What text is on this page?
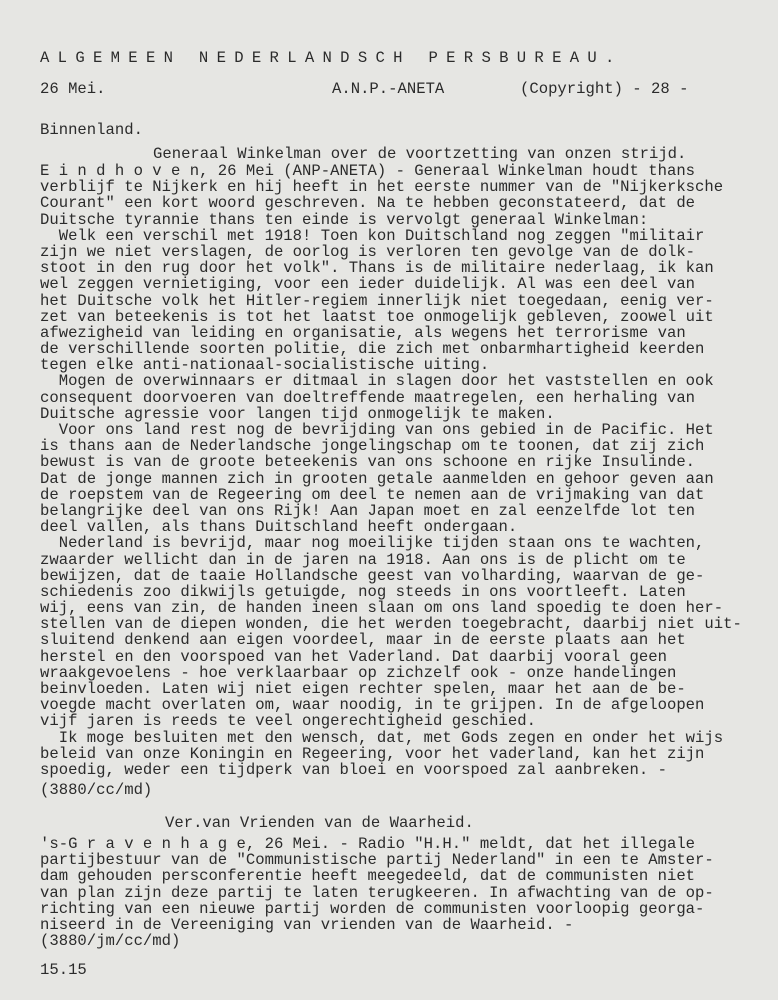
ALGEMEEN NEDERLANDSCH PERSBUREAU.
26 Mei.	A.N.P.-ANETA	(Copyright) - 28 -
Binnenland.
Generaal Winkelman over de voortzetting van onzen strijd.
E i n d h o v e n, 26 Mei (ANP-ANETA) - Generaal Winkelman houdt thans
verblijf te Nijkerk en hij heeft in het eerste nummer van de "Nijkerksche
Courant" een kort woord geschreven. Na te hebben geconstateerd, dat de
Duitsche tyrannie thans ten einde is vervolgt generaal Winkelman:
Welk een verschil met 1918! Toen kon Duitschland nog zeggen "militair
zijn we niet verslagen, de oorlog is verloren ten gevolge van de dolk-
stoot in den rug door het volk". Thans is de militaire nederlaag, ik kan
wel zeggen vernietiging, voor een ieder duidelijk. Al was een deel van
het Duitsche volk het Hitler-regiem innerlijk niet toegedaan, eenig ver-
zet van beteekenis is tot het laatst toe onmogelijk gebleven, zoowel uit
afwezigheid van leiding en organisatie, als wegens het terrorisme van
de verschillende soorten politie, die zich met onbarmhartigheid keerden
tegen elke anti-nationaal-socialistische uiting.
Mogen de overwinnaars er ditmaal in slagen door het vaststellen en ook
consequent doorvoeren van doeltreffende maatregelen, een herhaling van
Duitsche agressie voor langen tijd onmogelijk te maken.
Voor ons land rest nog de bevrijding van ons gebied in de Pacific. Het
is thans aan de Nederlandsche jongelingschap om te toonen, dat zij zich
bewust is van de groote beteekenis van ons schoone en rijke Insulinde.
Dat de jonge mannen zich in grooten getale aanmelden en gehoor geven aan
de roepstem van de Regeering om deel te nemen aan de vrijmaking van dat
belangrijke deel van ons Rijk! Aan Japan moet en zal eenzelfde lot ten
deel vallen, als thans Duitschland heeft ondergaan.
Nederland is bevrijd, maar nog moeilijke tijden staan ons te wachten,
zwaarder wellicht dan in de jaren na 1918. Aan ons is de plicht om te
bewijzen, dat de taaie Hollandsche geest van volharding, waarvan de ge-
schiedenis zoo dikwijls getuigde, nog steeds in ons voortleeft. Laten
wij, eens van zin, de handen ineen slaan om ons land spoedig te doen her-
stellen van de diepen wonden, die het werden toegebracht, daarbij niet uit-
sluitend denkend aan eigen voordeel, maar in de eerste plaats aan het
herstel en den voorspoed van het Vaderland. Dat daarbij vooral geen
wraakgevoelens - hoe verklaarbaar op zichzelf ook - onze handelingen
beinvloeden. Laten wij niet eigen rechter spelen, maar het aan de be-
voegde macht overlaten om, waar noodig, in te grijpen. In de afgeloopen
vijf jaren is reeds te veel ongerechtigheid geschied.
Ik moge besluiten met den wensch, dat, met Gods zegen en onder het wijs
beleid van onze Koningin en Regeering, voor het vaderland, kan het zijn
spoedig, weder een tijdperk van bloei en voorspoed zal aanbreken. -
(3880/cc/md)
Ver.van Vrienden van de Waarheid.
's-G r a v e n h a g e, 26 Mei. - Radio "H.H." meldt, dat het illegale
partijbestuur van de "Communistische partij Nederland" in een te Amster-
dam gehouden persconferentie heeft meegedeeld, dat de communisten niet
van plan zijn deze partij te laten terugkeeren. In afwachting van de op-
richting van een nieuwe partij worden de communisten voorloopig georga-
niseerd in de Vereeniging van vrienden van de Waarheid. -
(3880/jm/cc/md)
15.15
